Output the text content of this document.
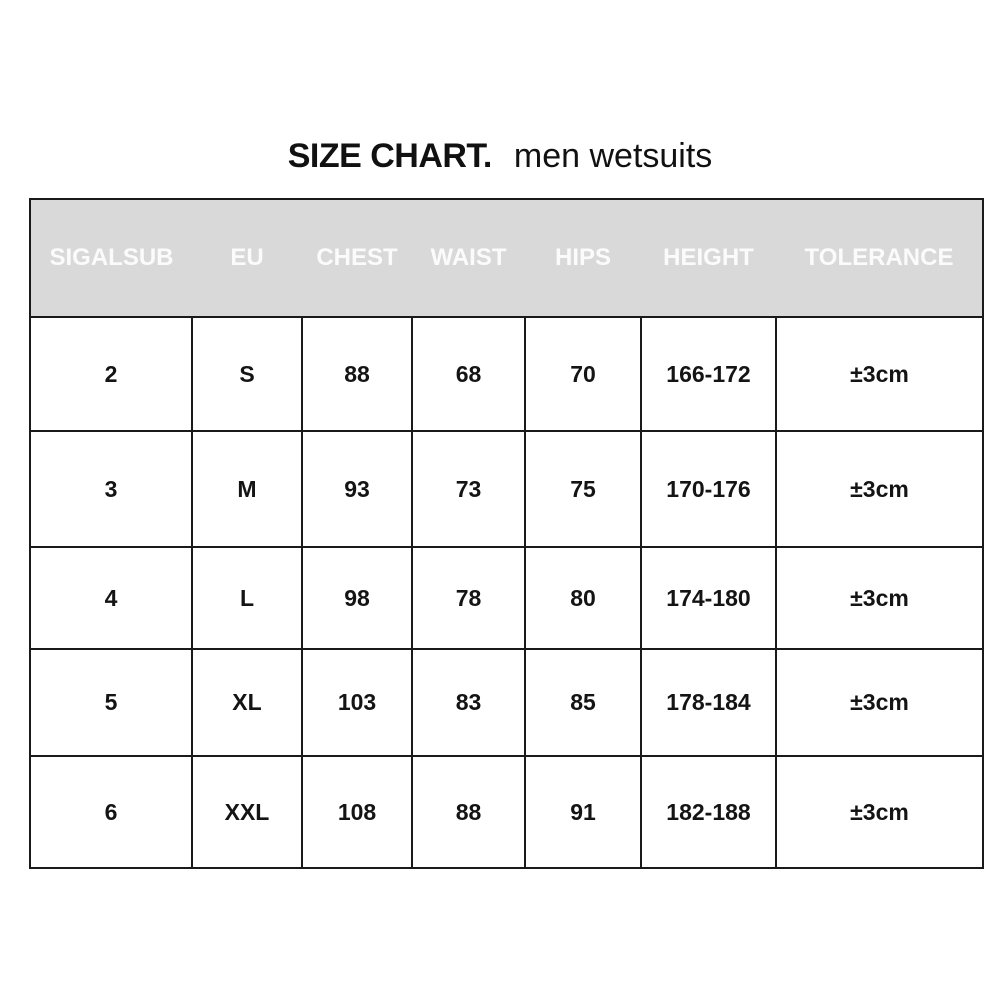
SIZE CHART. men wetsuits
SIGALSUB	EU	CHEST	WAIST	HIPS	HEIGHT	TOLERANCE
2	S	88	68	70	166-172	±3cm
3	M	93	73	75	170-176	±3cm
4	L	98	78	80	174-180	±3cm
5	XL	103	83	85	178-184	±3cm
6	XXL	108	88	91	182-188	±3cm
